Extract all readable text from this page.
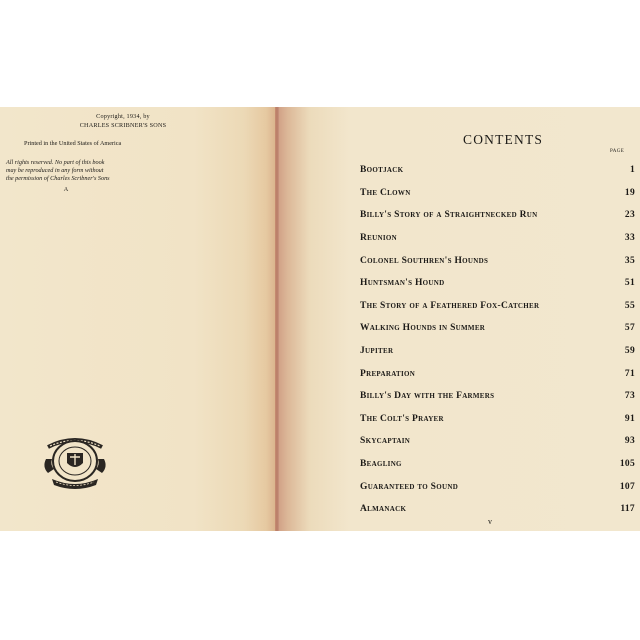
Copyright, 1934, by
CHARLES SCRIBNER'S SONS
Printed in the United States of America
All rights reserved. No part of this book
may be reproduced in any form without
the permission of Charles Scribner's Sons
A
CONTENTS
PAGE
Bootjack	1
The Clown	19
Billy's Story of a Straightnecked Run	23
Reunion	33
Colonel Southren's Hounds	35
Huntsman's Hound	51
The Story of a Feathered Fox-Catcher	55
Walking Hounds in Summer	57
Jupiter	59
Preparation	71
Billy's Day with the Farmers	73
The Colt's Prayer	91
Skycaptain	93
Beagling	105
Guaranteed to Sound	107
Almanack	117
v
